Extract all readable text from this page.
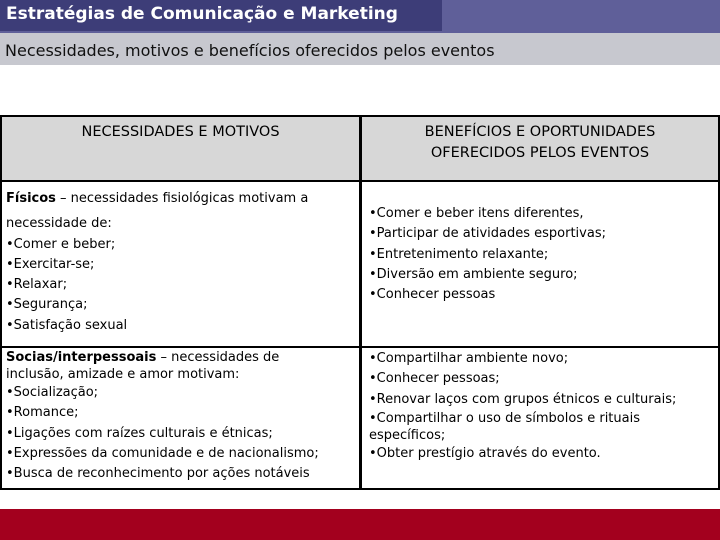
Estratégias de Comunicação e Marketing
Necessidades, motivos e benefícios oferecidos pelos eventos
NECESSIDADES E MOTIVOS	BENEFÍCIOS E OPORTUNIDADES
OFERECIDOS PELOS EVENTOS

Físicos – necessidades fisiológicas motivam a

necessidade de:

•Comer e beber;

•Exercitar-se;

•Relaxar;

•Segurança;

•Satisfação sexual

•Comer e beber itens diferentes,

•Participar de atividades esportivas;

•Entretenimento relaxante;

•Diversão em ambiente seguro;

•Conhecer pessoas

Socias/interpessoais – necessidades de

inclusão, amizade e amor motivam:

•Socialização;

•Romance;

•Ligações com raízes culturais e étnicas;

•Expressões da comunidade e de nacionalismo;

•Busca de reconhecimento por ações notáveis

•Compartilhar ambiente novo;

•Conhecer pessoas;

•Renovar laços com grupos étnicos e culturais;

•Compartilhar o uso de símbolos e rituais

específicos;

•Obter prestígio através do evento.
